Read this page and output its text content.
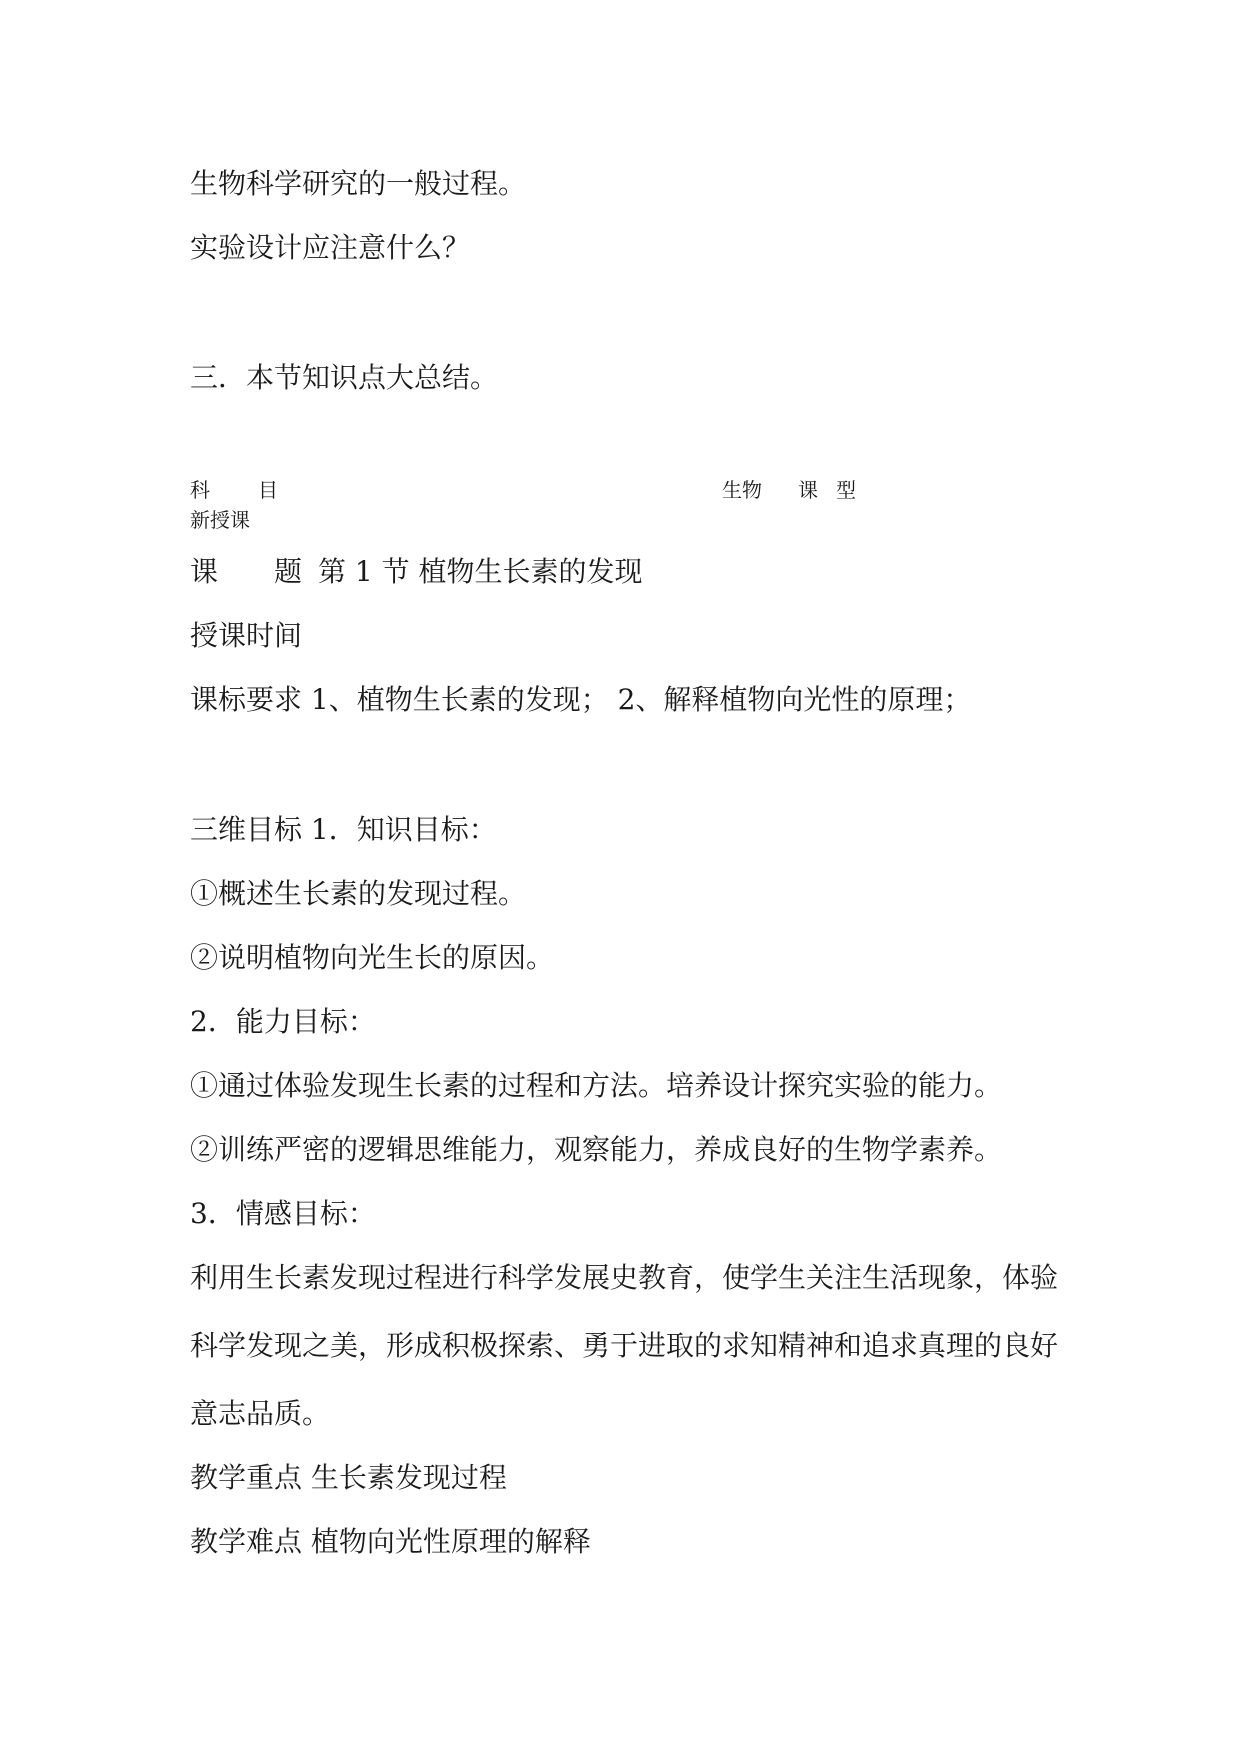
生物科学研究的一般过程。
实验设计应注意什么？
三．本节知识点大总结。
科 目	生物 课 型
新授课
课 题 第 1 节 植物生长素的发现
授课时间
课标要求 1、植物生长素的发现； 2、解释植物向光性的原理；
三维目标 1．知识目标：
①概述生长素的发现过程。
②说明植物向光生长的原因。
2．能力目标：
①通过体验发现生长素的过程和方法。培养设计探究实验的能力。
②训练严密的逻辑思维能力，观察能力，养成良好的生物学素养。
3．情感目标：
利用生长素发现过程进行科学发展史教育，使学生关注生活现象，体验
科学发现之美，形成积极探索、勇于进取的求知精神和追求真理的良好
意志品质。
教学重点 生长素发现过程
教学难点 植物向光性原理的解释
